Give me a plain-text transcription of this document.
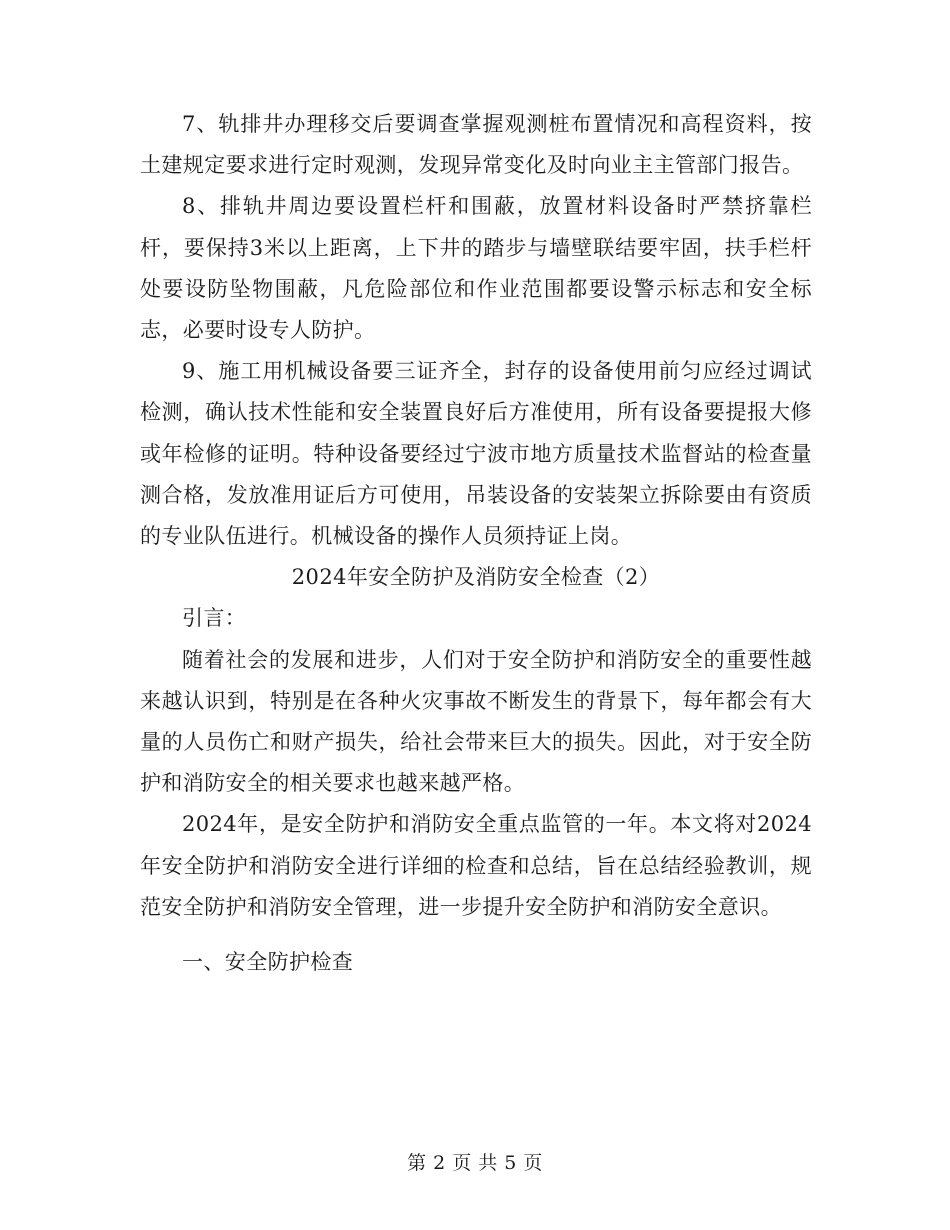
7、轨排井办理移交后要调查掌握观测桩布置情况和高程资料，按土建规定要求进行定时观测，发现异常变化及时向业主主管部门报告。

8、排轨井周边要设置栏杆和围蔽，放置材料设备时严禁挤靠栏杆，要保持3米以上距离，上下井的踏步与墙壁联结要牢固，扶手栏杆处要设防坠物围蔽，凡危险部位和作业范围都要设警示标志和安全标志，必要时设专人防护。

9、施工用机械设备要三证齐全，封存的设备使用前匀应经过调试检测，确认技术性能和安全装置良好后方准使用，所有设备要提报大修或年检修的证明。特种设备要经过宁波市地方质量技术监督站的检查量测合格，发放准用证后方可使用，吊装设备的安装架立拆除要由有资质的专业队伍进行。机械设备的操作人员须持证上岗。

2024年安全防护及消防安全检查（2）

引言：

随着社会的发展和进步，人们对于安全防护和消防安全的重要性越来越认识到，特别是在各种火灾事故不断发生的背景下，每年都会有大量的人员伤亡和财产损失，给社会带来巨大的损失。因此，对于安全防护和消防安全的相关要求也越来越严格。

2024年，是安全防护和消防安全重点监管的一年。本文将对2024年安全防护和消防安全进行详细的检查和总结，旨在总结经验教训，规范安全防护和消防安全管理，进一步提升安全防护和消防安全意识。

一、安全防护检查

第 2 页 共 5 页
